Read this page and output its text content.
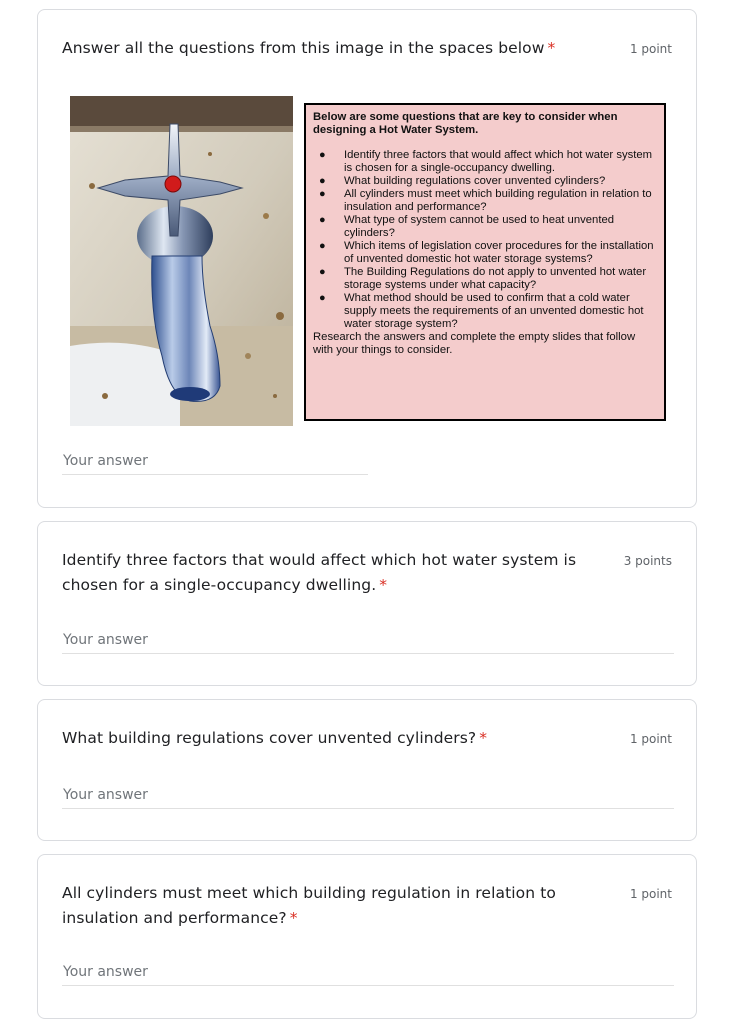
Answer all the questions from this image in the spaces below *	1 point
Below are some questions that are key to consider when designing a Hot Water System.
● Identify three factors that would affect which hot water system is chosen for a single-occupancy dwelling.
● What building regulations cover unvented cylinders?
● All cylinders must meet which building regulation in relation to insulation and performance?
● What type of system cannot be used to heat unvented cylinders?
● Which items of legislation cover procedures for the installation of unvented domestic hot water storage systems?
● The Building Regulations do not apply to unvented hot water storage systems under what capacity?
● What method should be used to confirm that a cold water supply meets the requirements of an unvented domestic hot water storage system?
Research the answers and complete the empty slides that follow with your things to consider.
Your answer
Identify three factors that would affect which hot water system is chosen for a single-occupancy dwelling. *
3 points
Your answer
What building regulations cover unvented cylinders? *	1 point
Your answer
All cylinders must meet which building regulation in relation to insulation and performance? *
1 point
Your answer
